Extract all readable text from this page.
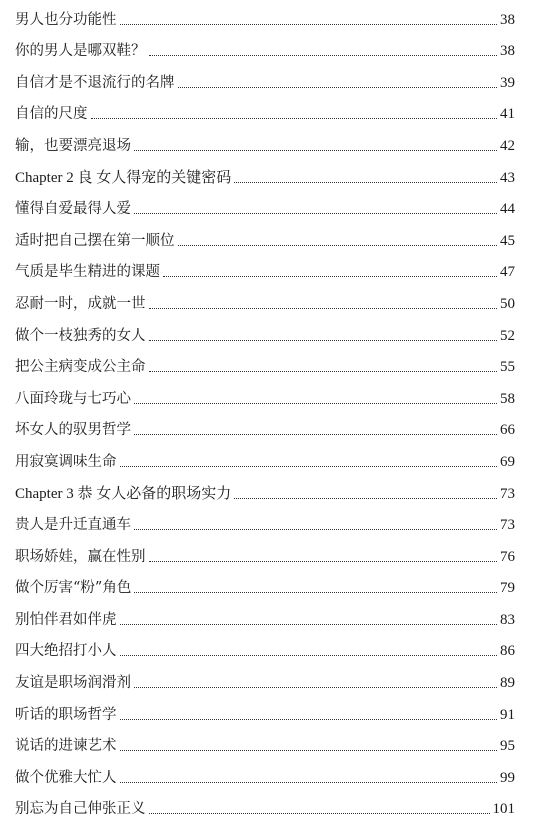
男人也分功能性	38
你的男人是哪双鞋？	38
自信才是不退流行的名牌	39
自信的尺度	41
输，也要漂亮退场	42
Chapter 2 良 女人得宠的关键密码	43
懂得自爱最得人爱	44
适时把自己摆在第一顺位	45
气质是毕生精进的课题	47
忍耐一时，成就一世	50
做个一枝独秀的女人	52
把公主病变成公主命	55
八面玲珑与七巧心	58
坏女人的驭男哲学	66
用寂寞调味生命	69
Chapter 3 恭 女人必备的职场实力	73
贵人是升迁直通车	73
职场娇娃，赢在性别	76
做个厉害“粉”角色	79
别怕伴君如伴虎	83
四大绝招打小人	86
友谊是职场润滑剂	89
听话的职场哲学	91
说话的进谏艺术	95
做个优雅大忙人	99
别忘为自己伸张正义	101
